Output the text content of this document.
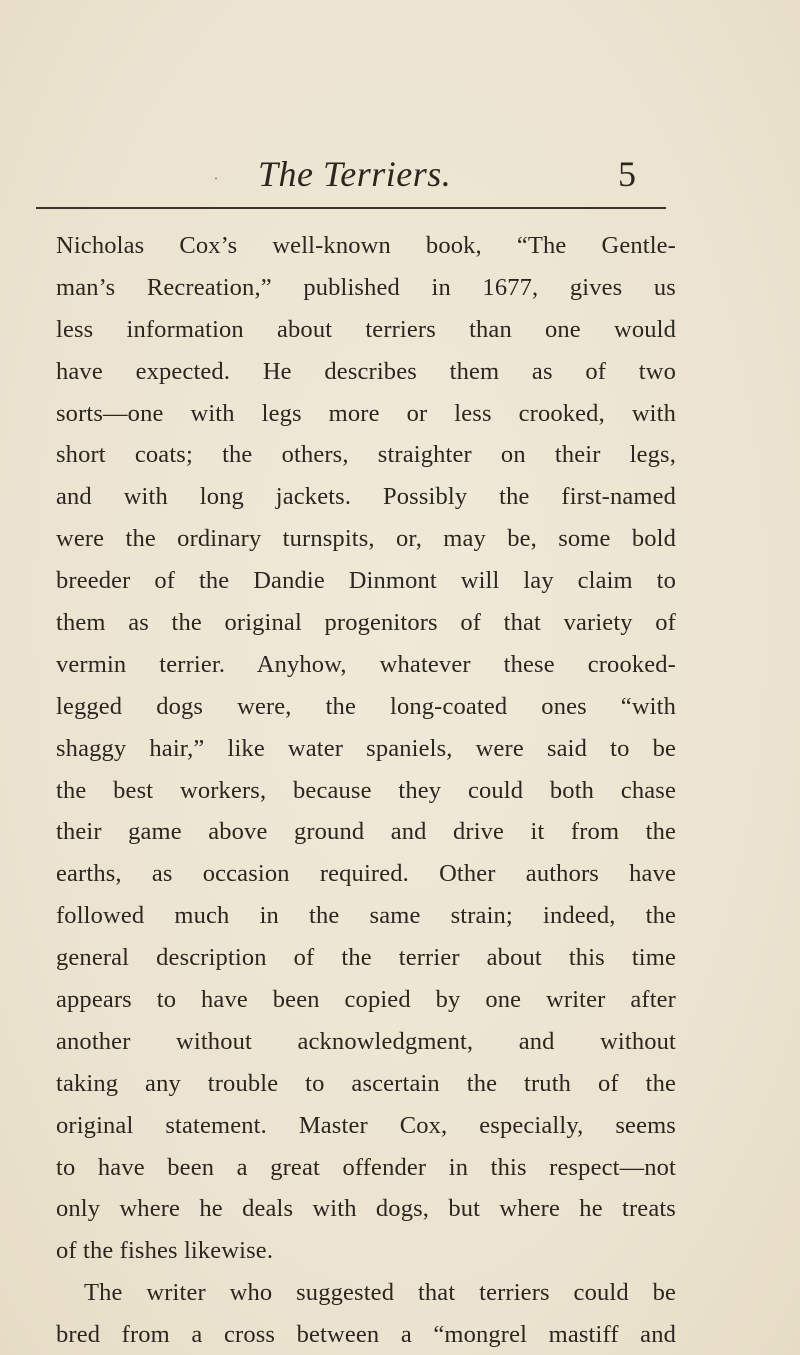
· The Terriers.	5
Nicholas Cox’s well-known book, “The Gentle-
man’s Recreation,” published in 1677, gives us
less information about terriers than one would
have expected. He describes them as of two
sorts—one with legs more or less crooked, with
short coats; the others, straighter on their legs,
and with long jackets. Possibly the first-named
were the ordinary turnspits, or, may be, some bold
breeder of the Dandie Dinmont will lay claim to
them as the original progenitors of that variety of
vermin terrier. Anyhow, whatever these crooked-
legged dogs were, the long-coated ones “with
shaggy hair,” like water spaniels, were said to be
the best workers, because they could both chase
their game above ground and drive it from the
earths, as occasion required. Other authors have
followed much in the same strain; indeed, the
general description of the terrier about this time
appears to have been copied by one writer after
another without acknowledgment, and without
taking any trouble to ascertain the truth of the
original statement. Master Cox, especially, seems
to have been a great offender in this respect—not
only where he deals with dogs, but where he treats
of the fishes likewise.
The writer who suggested that terriers could be
bred from a cross between a “mongrel mastiff and
